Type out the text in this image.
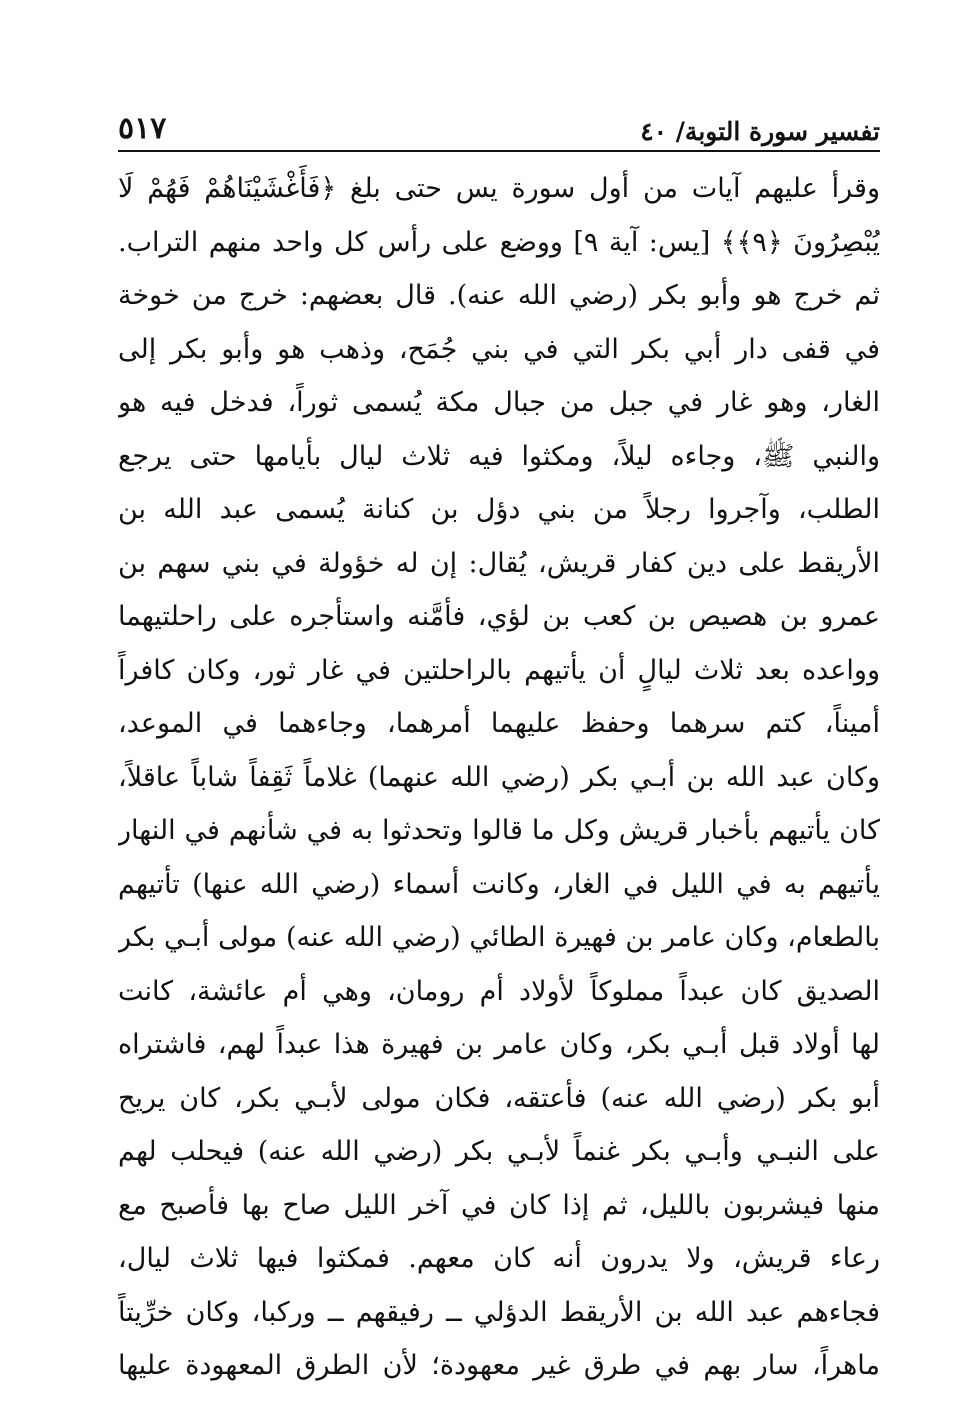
تفسير سورة التوبة/ ٤٠
٥١٧
وقرأ عليهم آيات من أول سورة يس حتى بلغ ﴿فَأَغْشَيْنَاهُمْ فَهُمْ لَا
يُبْصِرُونَ ﴿٩﴾﴾ [يس: آية ٩] ووضع على رأس كل واحد منهم التراب.
ثم خرج هو وأبو بكر (رضي الله عنه). قال بعضهم: خرج من خوخة
في قفى دار أبي بكر التي في بني جُمَح، وذهب هو وأبو بكر إلى
الغار، وهو غار في جبل من جبال مكة يُسمى ثوراً، فدخل فيه هو
والنبي ﷺ، وجاءه ليلاً، ومكثوا فيه ثلاث ليال بأيامها حتى يرجع
الطلب، وآجروا رجلاً من بني دؤل بن كنانة يُسمى عبد الله بن
الأريقط على دين كفار قريش، يُقال: إن له خؤولة في بني سهم بن
عمرو بن هصيص بن كعب بن لؤي، فأمَّنه واستأجره على راحلتيهما
وواعده بعد ثلاث ليالٍ أن يأتيهم بالراحلتين في غار ثور، وكان كافراً
أميناً، كتم سرهما وحفظ عليهما أمرهما، وجاءهما في الموعد،
وكان عبد الله بن أبـي بكر (رضي الله عنهما) غلاماً ثَقِفاً شاباً عاقلاً،
كان يأتيهم بأخبار قريش وكل ما قالوا وتحدثوا به في شأنهم في النهار
يأتيهم به في الليل في الغار، وكانت أسماء (رضي الله عنها) تأتيهم
بالطعام، وكان عامر بن فهيرة الطائي (رضي الله عنه) مولى أبـي بكر
الصديق كان عبداً مملوكاً لأولاد أم رومان، وهي أم عائشة، كانت
لها أولاد قبل أبـي بكر، وكان عامر بن فهيرة هذا عبداً لهم، فاشتراه
أبو بكر (رضي الله عنه) فأعتقه، فكان مولى لأبـي بكر، كان يريح
على النبـي وأبـي بكر غنماً لأبـي بكر (رضي الله عنه) فيحلب لهم
منها فيشربون بالليل، ثم إذا كان في آخر الليل صاح بها فأصبح مع
رعاء قريش، ولا يدرون أنه كان معهم. فمكثوا فيها ثلاث ليال،
فجاءهم عبد الله بن الأريقط الدؤلي ــ رفيقهم ــ وركبا، وكان خرِّيتاً
ماهراً، سار بهم في طرق غير معهودة؛ لأن الطرق المعهودة عليها
